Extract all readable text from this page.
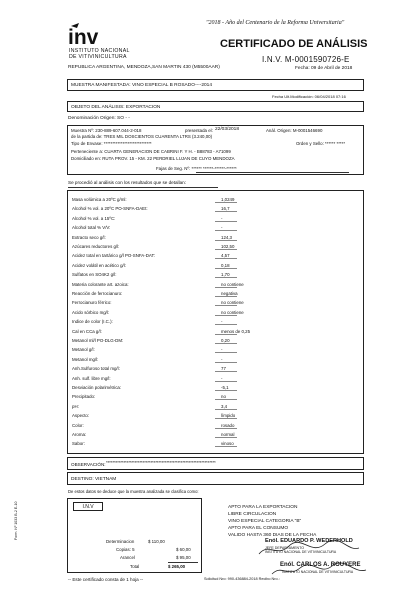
"2018 - Año del Centenario de la Reforma Universitaria"
inv
INSTITUTO NACIONAL
DE VITIVINICULTURA
REPUBLICA ARGENTINA, MENDOZA,SAN MARTIN 430 (M5500AAR)
CERTIFICADO DE ANÁLISIS
I.N.V. M-0001590726-E
Fecha: 09 de Abril de 2018
MUESTRA MANIFESTADA: VINO ESPECIAL B ROSADO----2014
Fecha Ult.Modificación: 06/04/2018 07:16
OBJETO DEL ANÁLISIS: EXPORTACION
Denominación Origen: SO - -
Muestra Nº: 230-889-607.044-2-018	presentada el: 22/03/2018	Anál. Origen: M-0001546690
de la partida de: TRES MIL DOSCIENTOS CUARENTA LTRS (3.240,00)
Tipo de Envase: ****************************	Orden y Sello: ****** *****
Perteneciente a: CUARTA GENERACION DE CABRINI F. Y H. - B88783 - A71099
Domiciliado en: RUTA PROV. 15 - KM. 22 PERDRIEL LUJAN DE CUYO MENDOZA
Fajas de Seg. Nº: ****** ******-******-******
Se procedió al análisis con los resultados que se detallan:
Masa volúmica a 20ºC g/ml:	1,0249
Alcohol % vol. a 20ºC PO-SNFA-DAEt:	16,7
Alcohol % vol. a 15ºC:	-
Alcohol total % V/V:	-
Extracto seco g/l:	124,3
Azúcares reductores g/l:	102,50
Acidez total en tartárico g/l PO-SNFA-DAT:	4,57
Acidez volátil en acético g/l:	0,18
Sulfatos en SO4K2 g/l:	1,70
Materia colorante art. azoica:	no contiene
Reacción de ferrocianuro:	negativa
Ferrocianuro férrico:	no contiene
Acido sórbico mg/l:	no contiene
Indice de color (I.C.):	-
Cal en CCa g/l:	menos de 0,25
Metanol ml/l PO-DLG-DM:	0,20
Metanol g/l:	-
Metanol mg/l:	-
Anh.Sulfuroso total mg/l:	77
Anh. sulf. libre mg/l:	-
Desviación polarimétrica:	-5,1
Precipitado:	no
pH:	3,4
Aspecto:	límpido
Color:	rosado
Aroma:	normal
Sabor:	vinoso
OBSERVACIÓN: *********************************************************************
DESTINO: VIETNAM
De estos datos se deduce que la muestra analizada se clasifica como:
I.N.V
Determinacion	$ 110,00
Copias: 5	$ 60,00
Arancel	$ 95,00
Total	$ 265,00
APTO PARA LA EXPORTACION
LIBRE CIRCULACION
VINO ESPECIAL CATEGORIA "B"
APTO PARA EL CONSUMO
VALIDO HASTA 360 DIAS DE LA FECHA
Enól. EDUARDO P. WEDERHOLD
JEFE DEPARTAMENTO
INSTITUTO NACIONAL DE VITIVINICULTURA
Enól. CARLOS A. ROUYERE
INSTITUTO NACIONAL DE VITIVINICULTURA
-- Este certificado consta de 1 hoja --	Solicitud Nro: 990-436884-2018 Recibo Nro.:
Form. Nº 1033 B-2 E-10
